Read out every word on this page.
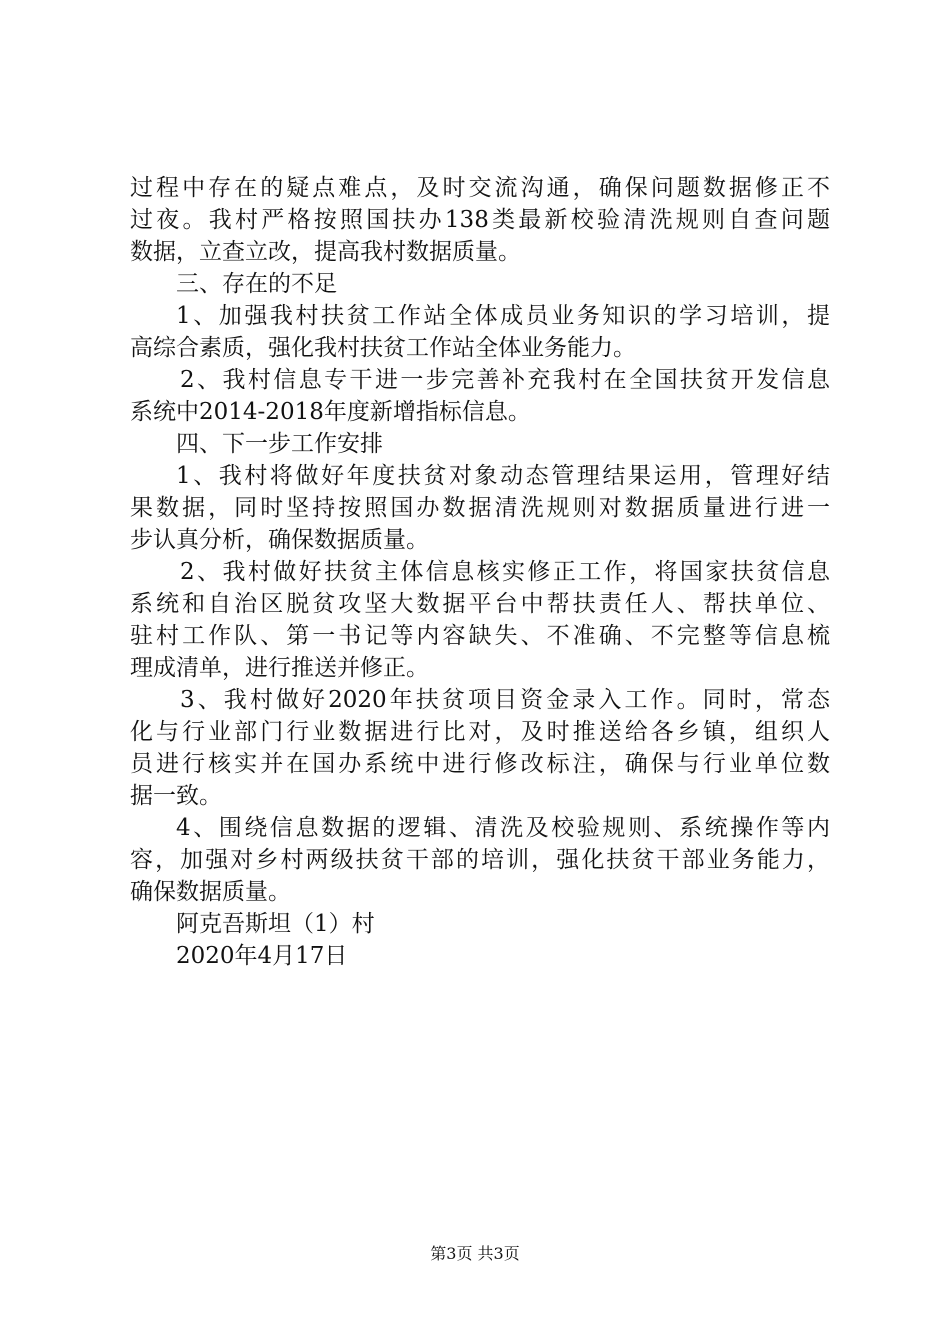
过程中存在的疑点难点，及时交流沟通，确保问题数据修正不
过夜。我村严格按照国扶办138类最新校验清洗规则自查问题
数据，立查立改，提高我村数据质量。
三、存在的不足
1、加强我村扶贫工作站全体成员业务知识的学习培训，提
高综合素质，强化我村扶贫工作站全体业务能力。
2、我村信息专干进一步完善补充我村在全国扶贫开发信息
系统中2014-2018年度新增指标信息。
四、下一步工作安排
1、我村将做好年度扶贫对象动态管理结果运用，管理好结
果数据，同时坚持按照国办数据清洗规则对数据质量进行进一
步认真分析，确保数据质量。
2、我村做好扶贫主体信息核实修正工作，将国家扶贫信息
系统和自治区脱贫攻坚大数据平台中帮扶责任人、帮扶单位、
驻村工作队、第一书记等内容缺失、不准确、不完整等信息梳
理成清单，进行推送并修正。
3、我村做好2020年扶贫项目资金录入工作。同时，常态
化与行业部门行业数据进行比对，及时推送给各乡镇，组织人
员进行核实并在国办系统中进行修改标注，确保与行业单位数
据一致。
4、围绕信息数据的逻辑、清洗及校验规则、系统操作等内
容，加强对乡村两级扶贫干部的培训，强化扶贫干部业务能力，
确保数据质量。
阿克吾斯坦（1）村
2020年4月17日
第3页 共3页
